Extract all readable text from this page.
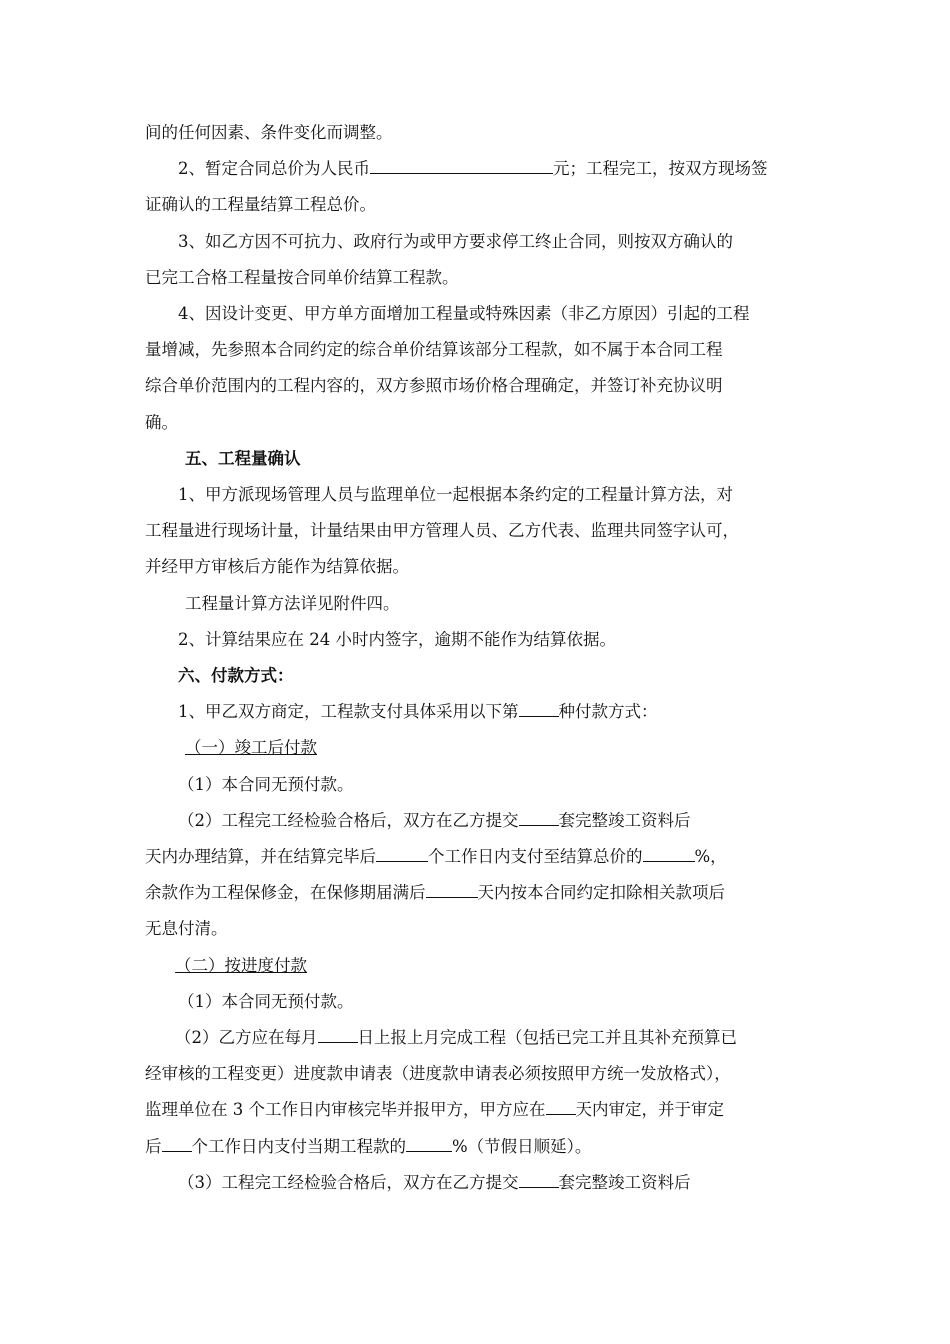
间的任何因素、条件变化而调整。

2、暂定合同总价为人民币	元；工程完工，按双方现场签

证确认的工程量结算工程总价。

3、如乙方因不可抗力、政府行为或甲方要求停工终止合同，则按双方确认的

已完工合格工程量按合同单价结算工程款。

4、因设计变更、甲方单方面增加工程量或特殊因素（非乙方原因）引起的工程

量增减，先参照本合同约定的综合单价结算该部分工程款，如不属于本合同工程

综合单价范围内的工程内容的，双方参照市场价格合理确定，并签订补充协议明

确。

五、工程量确认

1、甲方派现场管理人员与监理单位一起根据本条约定的工程量计算方法，对

工程量进行现场计量，计量结果由甲方管理人员、乙方代表、监理共同签字认可，

并经甲方审核后方能作为结算依据。

工程量计算方法详见附件四。

2、计算结果应在 24 小时内签字，逾期不能作为结算依据。

六、付款方式：

1、甲乙双方商定，工程款支付具体采用以下第 种付款方式：

（一）竣工后付款

（1）本合同无预付款。

（2）工程完工经检验合格后，双方在乙方提交 套完整竣工资料后

天内办理结算，并在结算完毕后	个工作日内支付至结算总价的	%，

余款作为工程保修金，在保修期届满后	天内按本合同约定扣除相关款项后

无息付清。

（二）按进度付款

（1）本合同无预付款。

（2）乙方应在每月 日上报上月完成工程（包括已完工并且其补充预算已

经审核的工程变更）进度款申请表（进度款申请表必须按照甲方统一发放格式），

监理单位在 3 个工作日内审核完毕并报甲方，甲方应在 天内审定，并于审定

后 个工作日内支付当期工程款的	%（节假日顺延）。

（3）工程完工经检验合格后，双方在乙方提交 套完整竣工资料后
